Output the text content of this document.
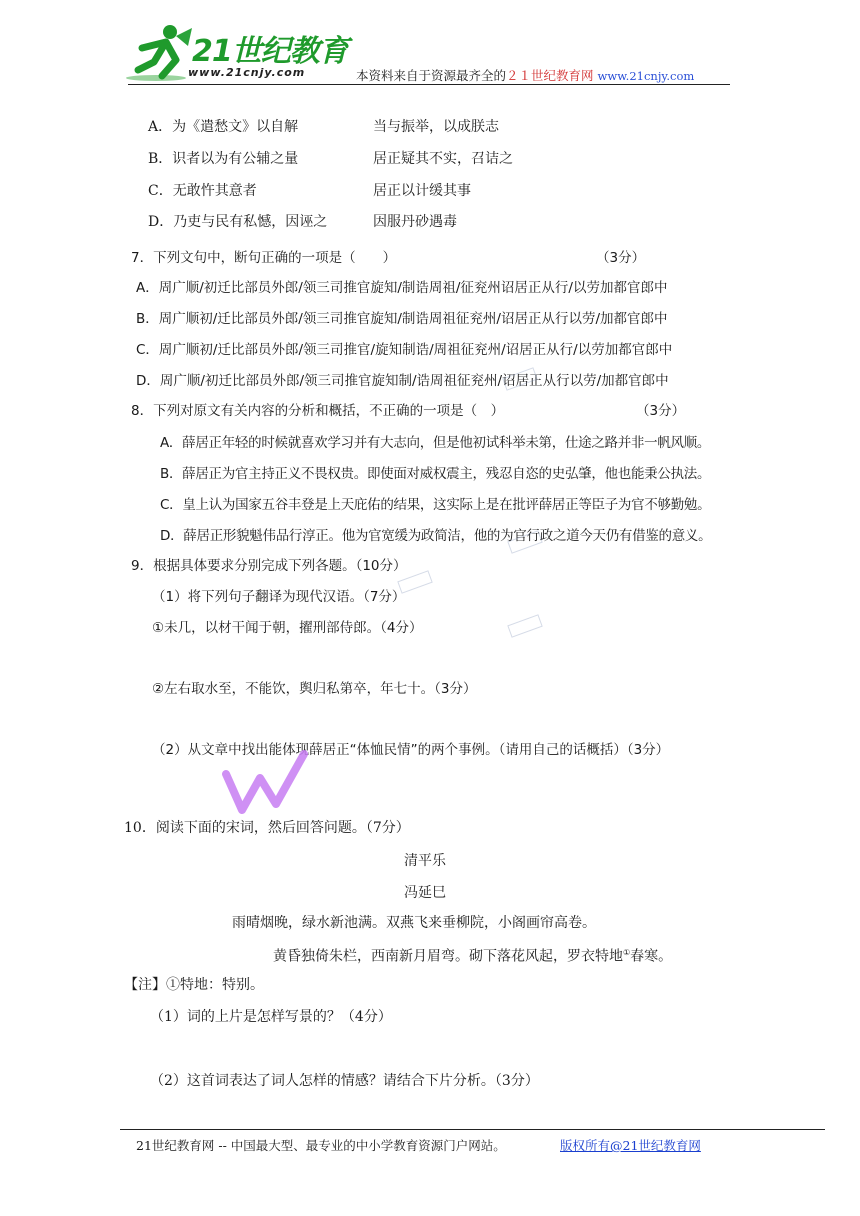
21世纪教育
www.21cnjy.com	本资料来自于资源最齐全的２１世纪教育网 www.21cnjy.com
A．为《遣愁文》以自解	当与振举，以成朕志
B．识者以为有公辅之量	居正疑其不实，召诘之
C．无敢忤其意者	居正以计缓其事
D．乃吏与民有私憾，因诬之	因服丹砂遇毒
7．下列文句中，断句正确的一项是（　　）	（3分）
A．周广顺/初迁比部员外郎/领三司推官旋知/制诰周祖/征兖州诏居正从行/以劳加都官郎中
B．周广顺初/迁比部员外郎/领三司推官旋知/制诰周祖征兖州/诏居正从行以劳/加都官郎中
C．周广顺初/迁比部员外郎/领三司推官/旋知制诰/周祖征兖州/诏居正从行/以劳加都官郎中
D．周广顺/初迁比部员外郎/领三司推官旋知制/诰周祖征兖州/诏居正从行以劳/加都官郎中
8．下列对原文有关内容的分析和概括，不正确的一项是（　）	（3分）
A．薛居正年轻的时候就喜欢学习并有大志向，但是他初试科举未第，仕途之路并非一帆风顺。
B．薛居正为官主持正义不畏权贵。即使面对威权震主，残忍自恣的史弘肇，他也能秉公执法。
C．皇上认为国家五谷丰登是上天庇佑的结果，这实际上是在批评薛居正等臣子为官不够勤勉。
D．薛居正形貌魁伟品行淳正。他为官宽缓为政简洁，他的为官行政之道今天仍有借鉴的意义。
9．根据具体要求分别完成下列各题。（10分）
（1）将下列句子翻译为现代汉语。（7分）
①未几，以材干闻于朝，擢刑部侍郎。（4分）
②左右取水至，不能饮，舆归私第卒，年七十。（3分）
（2）从文章中找出能体现薛居正“体恤民情”的两个事例。（请用自己的话概括）（3分）
10．阅读下面的宋词，然后回答问题。（7分）
清平乐
冯延巳
雨晴烟晚，绿水新池满。双燕飞来垂柳院，小阁画帘高卷。
黄昏独倚朱栏，西南新月眉弯。砌下落花风起，罗衣特地①春寒。
【注】①特地：特别。
（1）词的上片是怎样写景的？（4分）
（2）这首词表达了词人怎样的情感？请结合下片分析。（3分）
21世纪教育网 -- 中国最大型、最专业的中小学教育资源门户网站。	版权所有@21世纪教育网
